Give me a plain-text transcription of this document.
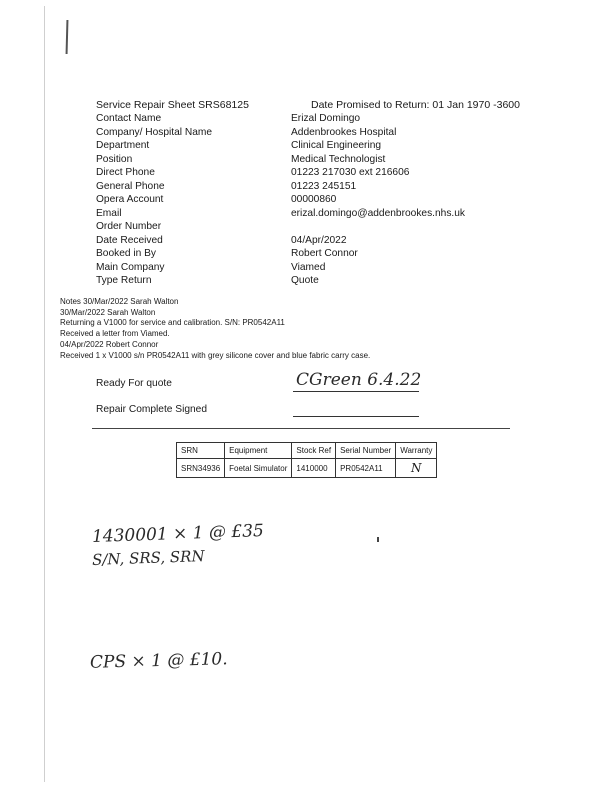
Service Repair Sheet SRS68125	Date Promised to Return: 01 Jan 1970 -3600
Contact Name	Erizal Domingo
Company/ Hospital Name	Addenbrookes Hospital
Department	Clinical Engineering
Position	Medical Technologist
Direct Phone	01223 217030 ext 216606
General Phone	01223 245151
Opera Account	00000860
Email	erizal.domingo@addenbrookes.nhs.uk
Order Number
Date Received	04/Apr/2022
Booked in By	Robert Connor
Main Company	Viamed
Type Return	Quote
Notes 30/Mar/2022 Sarah Walton
30/Mar/2022 Sarah Walton
Returning a V1000 for service and calibration. S/N: PR0542A11
Received a letter from Viamed.
04/Apr/2022 Robert Connor
Received 1 x V1000 s/n PR0542A11 with grey silicone cover and blue fabric carry case.
Ready For quote	CGreen 6.4.22
Repair Complete Signed
SRN	Equipment	Stock Ref	Serial Number	Warranty
SRN34936	Foetal Simulator	1410000	PR0542A11	N
1430001 × 1 @ £35
S/N, SRS, SRN
CPS × 1 @ £10.
